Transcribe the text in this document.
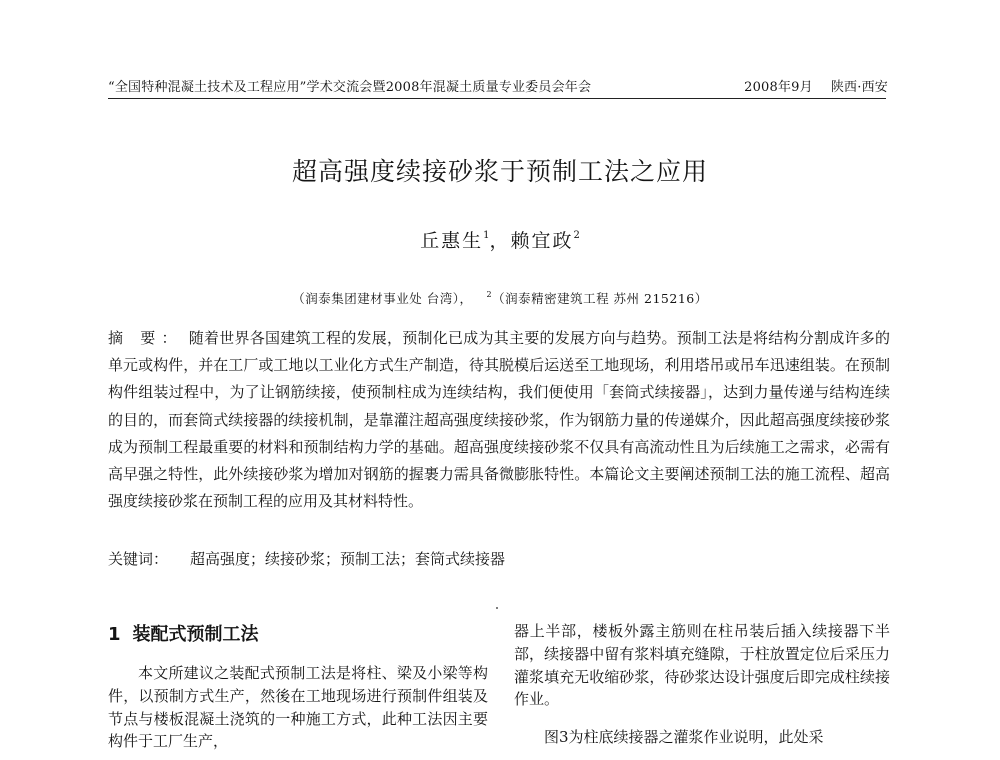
“全国特种混凝土技术及工程应用”学术交流会暨2008年混凝土质量专业委员会年会	2008年9月 陕西·西安
超高强度续接砂浆于预制工法之应用
丘惠生$^1$，赖宜政$^2$
（润泰集团建材事业处 台湾）， $^2$（润泰精密建筑工程 苏州 215216）
摘 要： 随着世界各国建筑工程的发展，预制化已成为其主要的发展方向与趋势。预制工法是将结构分割成许多的单元或构件，并在工厂或工地以工业化方式生产制造，待其脱模后运送至工地现场，利用塔吊或吊车迅速组装。在预制构件组装过程中，为了让钢筋续接，使预制柱成为连续结构，我们便使用「套筒式续接器」，达到力量传递与结构连续的目的，而套筒式续接器的续接机制，是靠灌注超高强度续接砂浆，作为钢筋力量的传递媒介，因此超高强度续接砂浆成为预制工程最重要的材料和预制结构力学的基础。超高强度续接砂浆不仅具有高流动性且为后续施工之需求，必需有高早强之特性，此外续接砂浆为增加对钢筋的握裹力需具备微膨胀特性。本篇论文主要阐述预制工法的施工流程、超高强度续接砂浆在预制工程的应用及其材料特性。
关键词： 超高强度；续接砂浆；预制工法；套筒式续接器
1 装配式预制工法

本文所建议之装配式预制工法是将柱、梁及小梁等构件，以预制方式生产，然後在工地现场进行预制件组装及节点与楼板混凝土浇筑的一种施工方式，此种工法因主要构件于工厂生产，

器上半部，楼板外露主筋则在柱吊装后插入续接器下半部，续接器中留有浆料填充缝隙，于柱放置定位后采压力灌浆填充无收缩砂浆，待砂浆达设计强度后即完成柱续接作业。

图3为柱底续接器之灌浆作业说明，此处采
